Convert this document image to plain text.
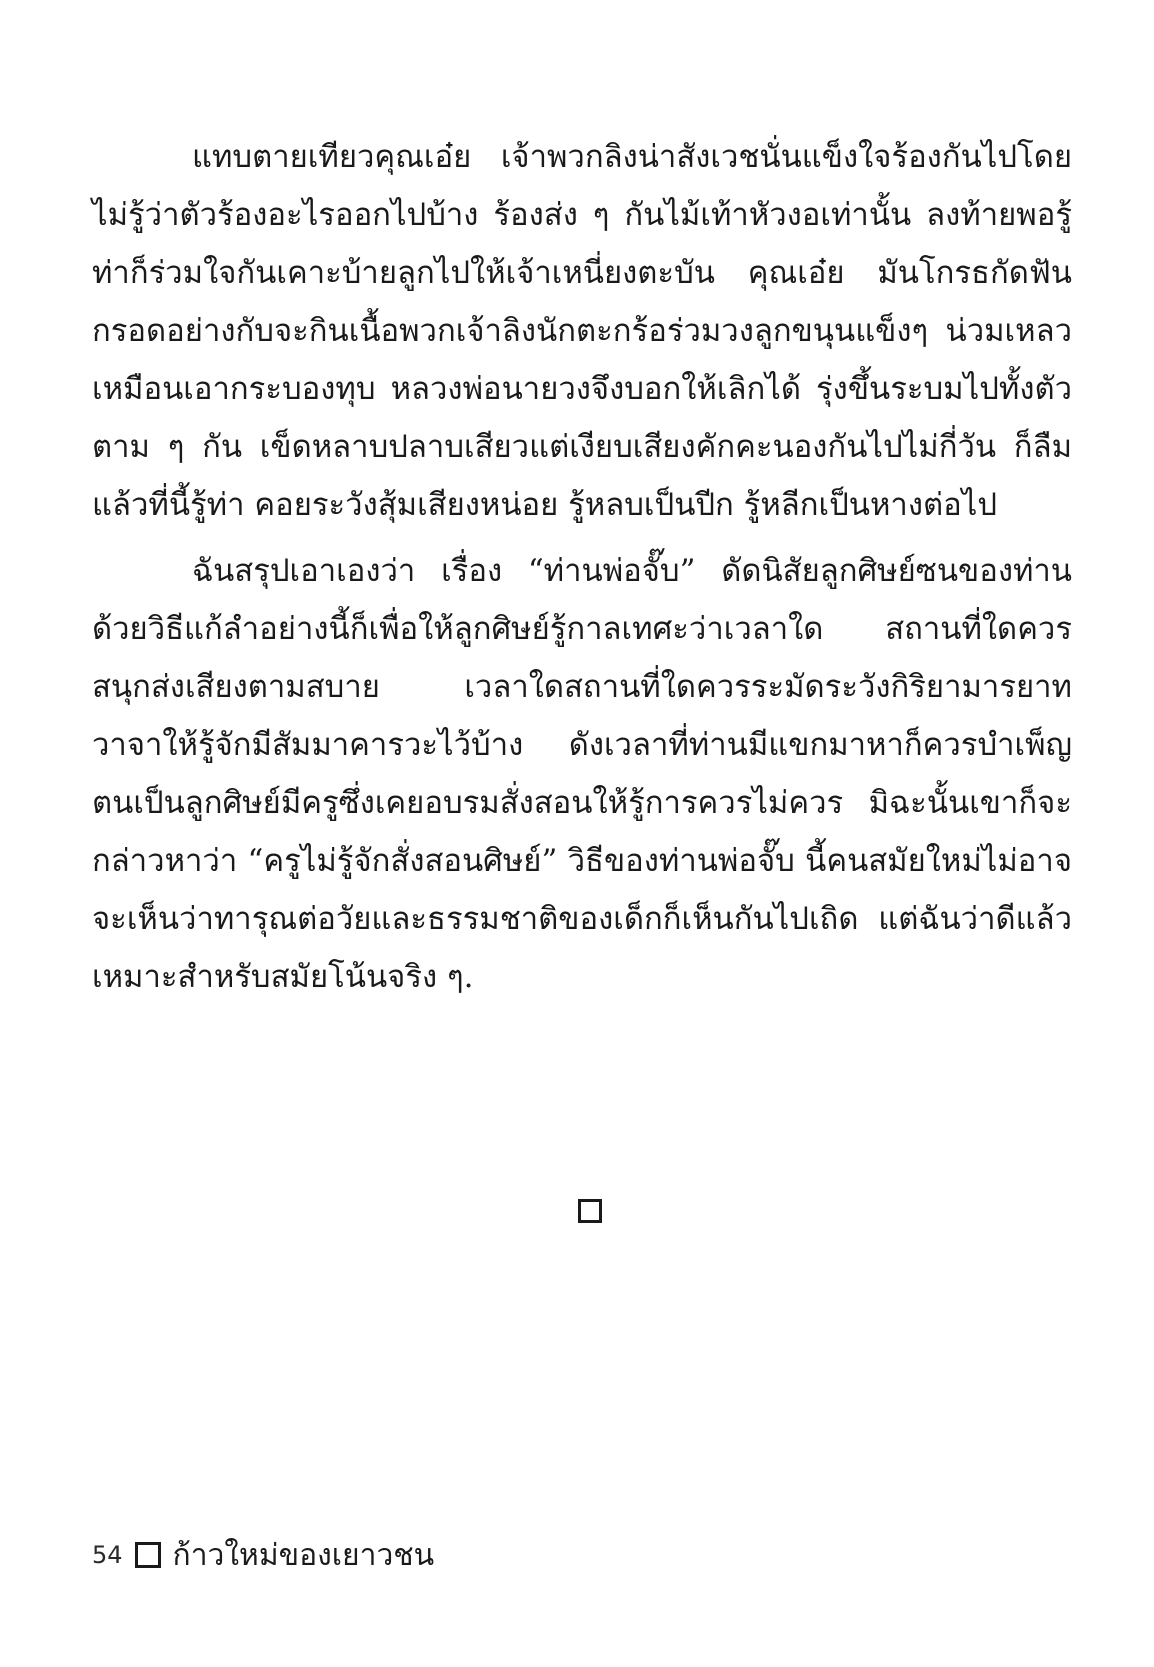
แทบตายเทียวคุณเอ๋ย เจ้าพวกลิงน่าสังเวชนั่นแข็งใจร้องกันไปโดยไม่รู้ว่าตัวร้องอะไรออกไปบ้าง ร้องส่ง ๆ กันไม้เท้าหัวงอเท่านั้น ลงท้ายพอรู้ท่าก็ร่วมใจกันเคาะบ้ายลูกไปให้เจ้าเหนี่ยงตะบัน คุณเอ๋ย มันโกรธกัดฟันกรอดอย่างกับจะกินเนื้อพวกเจ้าลิงนักตะกร้อร่วมวงลูกขนุนแข็งๆ น่วมเหลวเหมือนเอากระบองทุบ หลวงพ่อนายวงจึงบอกให้เลิกได้ รุ่งขึ้นระบมไปทั้งตัวตาม ๆ กัน เข็ดหลาบปลาบเสียวแต่เงียบเสียงคักคะนองกันไปไม่กี่วัน ก็ลืมแล้วที่นี้รู้ท่า คอยระวังสุ้มเสียงหน่อย รู้หลบเป็นปีก รู้หลีกเป็นหางต่อไป

ฉันสรุปเอาเองว่า เรื่อง “ท่านพ่อจั๊บ” ดัดนิสัยลูกศิษย์ซนของท่านด้วยวิธีแก้ลำอย่างนี้ก็เพื่อให้ลูกศิษย์รู้กาลเทศะว่าเวลาใด สถานที่ใดควรสนุกส่งเสียงตามสบาย เวลาใดสถานที่ใดควรระมัดระวังกิริยามารยาท วาจาให้รู้จักมีสัมมาคารวะไว้บ้าง ดังเวลาที่ท่านมีแขกมาหาก็ควรบำเพ็ญตนเป็นลูกศิษย์มีครูซึ่งเคยอบรมสั่งสอนให้รู้การควรไม่ควร มิฉะนั้นเขาก็จะกล่าวหาว่า “ครูไม่รู้จักสั่งสอนศิษย์” วิธีของท่านพ่อจั๊บ นี้คนสมัยใหม่ไม่อาจจะเห็นว่าทารุณต่อวัยและธรรมชาติของเด็กก็เห็นกันไปเถิด แต่ฉันว่าดีแล้วเหมาะสำหรับสมัยโน้นจริง ๆ.

54 ก้าวใหม่ของเยาวชน
